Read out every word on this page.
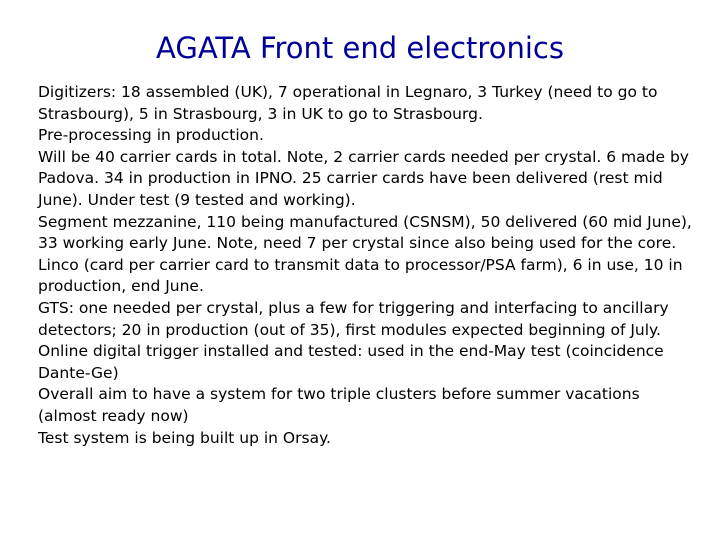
AGATA Front end electronics

Digitizers: 18 assembled (UK), 7 operational in Legnaro, 3 Turkey (need to go to Strasbourg), 5 in Strasbourg, 3 in UK to go to Strasbourg.

Pre-processing in production.

Will be 40 carrier cards in total. Note, 2 carrier cards needed per crystal. 6 made by Padova. 34 in production in IPNO. 25 carrier cards have been delivered (rest mid June). Under test (9 tested and working).

Segment mezzanine, 110 being manufactured (CSNSM), 50 delivered (60 mid June), 33 working early June. Note, need 7 per crystal since also being used for the core.

Linco (card per carrier card to transmit data to processor/PSA farm), 6 in use, 10 in production, end June.

GTS: one needed per crystal, plus a few for triggering and interfacing to ancillary detectors; 20 in production (out of 35), first modules expected beginning of July.

Online digital trigger installed and tested: used in the end-May test (coincidence Dante-Ge)

Overall aim to have a system for two triple clusters before summer vacations (almost ready now)

Test system is being built up in Orsay.
